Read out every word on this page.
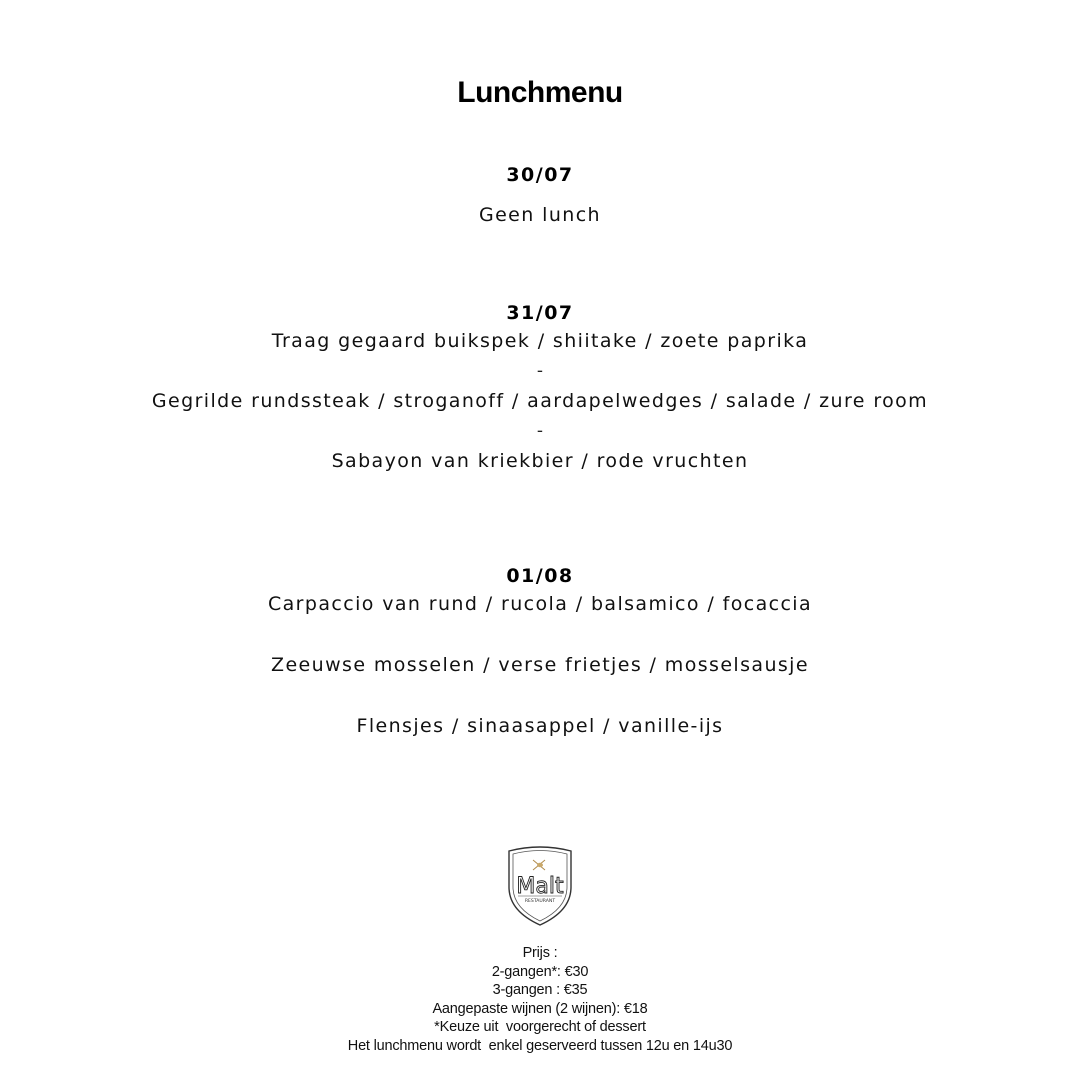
Lunchmenu
30/07
Geen lunch
31/07
Traag gegaard buikspek / shiitake / zoete paprika
-
Gegrilde rundssteak / stroganoff / aardapelwedges / salade / zure room
-
Sabayon van kriekbier / rode vruchten
01/08
Carpaccio van rund / rucola / balsamico / focaccia
Zeeuwse mosselen / verse frietjes / mosselsausje
Flensjes / sinaasappel / vanille-ijs
Malt
RESTAURANT
Prijs :
2-gangen*: €30
3-gangen : €35
Aangepaste wijnen (2 wijnen): €18
*Keuze uit  voorgerecht of dessert
Het lunchmenu wordt  enkel geserveerd tussen 12u en 14u30
